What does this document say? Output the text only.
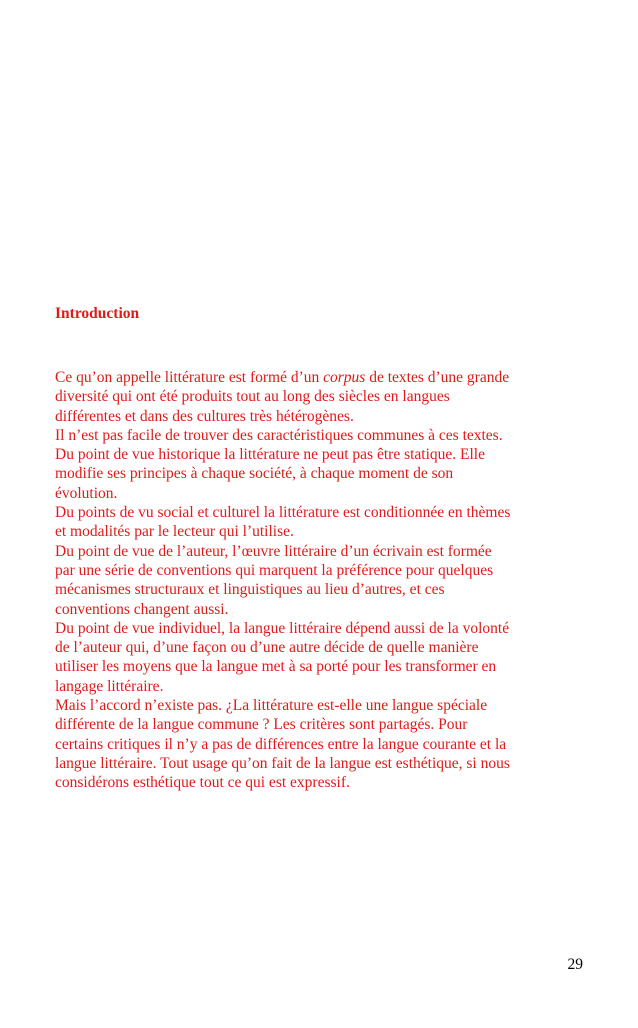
Introduction
Ce qu’on appelle littérature est formé d’un corpus de textes d’une grande
diversité qui ont été produits tout au long des siècles en langues
différentes et dans des cultures très hétérogènes.
Il n’est pas facile de trouver des caractéristiques communes à ces textes.
Du point de vue historique la littérature ne peut pas être statique. Elle
modifie ses principes à chaque société, à chaque moment de son
évolution.
Du points de vu social et culturel la littérature est conditionnée en thèmes
et modalités par le lecteur qui l’utilise.
Du point de vue de l’auteur, l’œuvre littéraire d’un écrivain est formée
par une série de conventions qui marquent la préférence pour quelques
mécanismes structuraux et linguistiques au lieu d’autres, et ces
conventions changent aussi.
Du point de vue individuel, la langue littéraire dépend aussi de la volonté
de l’auteur qui, d’une façon ou d’une autre décide de quelle manière
utiliser les moyens que la langue met à sa porté pour les transformer en
langage littéraire.
Mais l’accord n’existe pas. ¿La littérature est-elle une langue spéciale
différente de la langue commune ? Les critères sont partagés. Pour
certains critiques il n’y a pas de différences entre la langue courante et la
langue littéraire. Tout usage qu’on fait de la langue est esthétique, si nous
considérons esthétique tout ce qui est expressif.

29
